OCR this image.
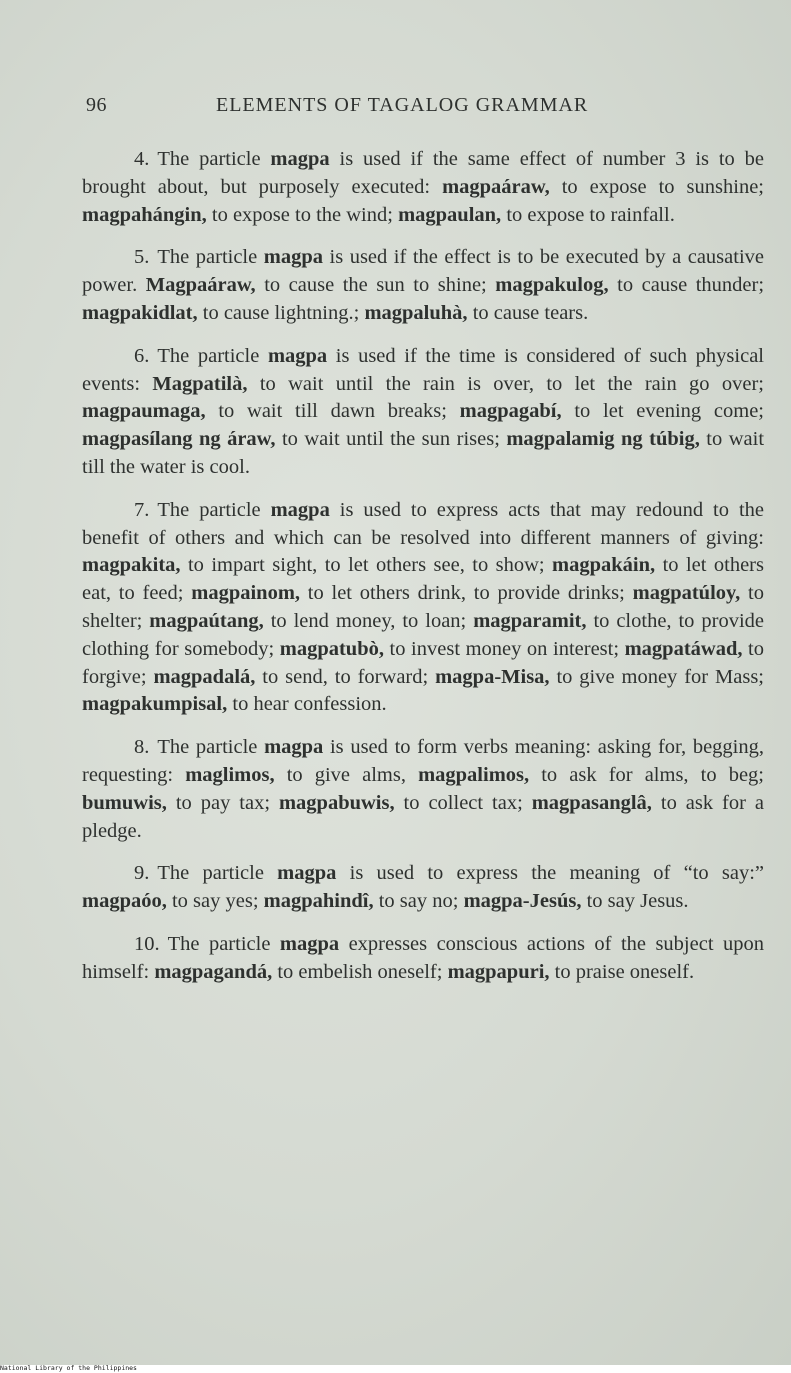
96	ELEMENTS OF TAGALOG GRAMMAR

4. The particle magpa is used if the same effect of number 3 is to be brought about, but purposely executed: magpaáraw, to expose to sunshine; magpahángin, to expose to the wind; magpaulan, to expose to rainfall.

5. The particle magpa is used if the effect is to be executed by a causative power. Magpaáraw, to cause the sun to shine; magpakulog, to cause thunder; magpakidlat, to cause lightning.; magpaluhà, to cause tears.

6. The particle magpa is used if the time is considered of such physical events: Magpatilà, to wait until the rain is over, to let the rain go over; magpaumaga, to wait till dawn breaks; magpagabí, to let evening come; magpasílang ng áraw, to wait until the sun rises; magpalamig ng túbig, to wait till the water is cool.

7. The particle magpa is used to express acts that may redound to the benefit of others and which can be resolved into different manners of giving: magpakita, to impart sight, to let others see, to show; magpakáin, to let others eat, to feed; magpainom, to let others drink, to provide drinks; magpatúloy, to shelter; magpaútang, to lend money, to loan; magparamit, to clothe, to provide clothing for somebody; magpatubò, to invest money on interest; magpatáwad, to forgive; magpadalá, to send, to forward; magpa-Misa, to give money for Mass; magpakumpisal, to hear confession.

8. The particle magpa is used to form verbs meaning: asking for, begging, requesting: maglimos, to give alms, magpalimos, to ask for alms, to beg; bumuwis, to pay tax; magpabuwis, to collect tax; magpasanglâ, to ask for a pledge.

9. The particle magpa is used to express the meaning of “to say:” magpaóo, to say yes; magpahindî, to say no; magpa-Jesús, to say Jesus.

10. The particle magpa expresses conscious actions of the subject upon himself: magpagandá, to embelish oneself; magpapuri, to praise oneself.

National Library of the Philippines
